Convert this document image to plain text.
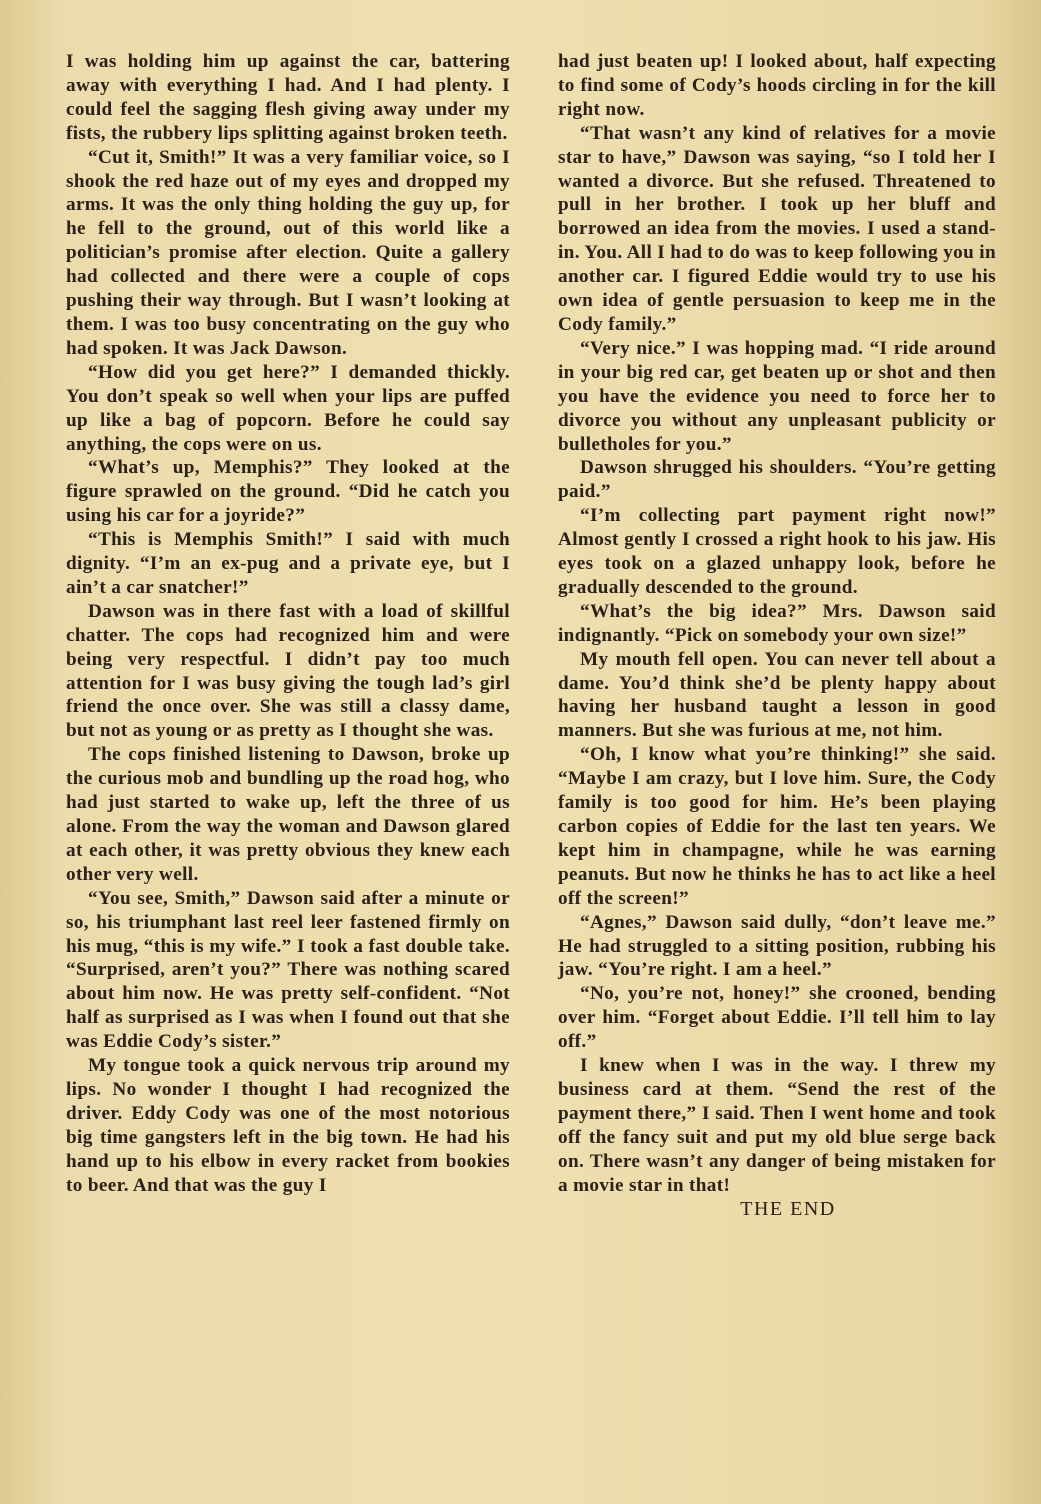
I was holding him up against the car, battering away with everything I had. And I had plenty. I could feel the sagging flesh giving away under my fists, the rubbery lips splitting against broken teeth.

“Cut it, Smith!” It was a very familiar voice, so I shook the red haze out of my eyes and dropped my arms. It was the only thing holding the guy up, for he fell to the ground, out of this world like a politician’s promise after election. Quite a gallery had collected and there were a couple of cops pushing their way through. But I wasn’t looking at them. I was too busy concentrating on the guy who had spoken. It was Jack Dawson.

“How did you get here?” I demanded thickly. You don’t speak so well when your lips are puffed up like a bag of popcorn. Before he could say anything, the cops were on us.

“What’s up, Memphis?” They looked at the figure sprawled on the ground. “Did he catch you using his car for a joyride?”

“This is Memphis Smith!” I said with much dignity. “I’m an ex-pug and a private eye, but I ain’t a car snatcher!”

Dawson was in there fast with a load of skillful chatter. The cops had recognized him and were being very respectful. I didn’t pay too much attention for I was busy giving the tough lad’s girl friend the once over. She was still a classy dame, but not as young or as pretty as I thought she was.

The cops finished listening to Dawson, broke up the curious mob and bundling up the road hog, who had just started to wake up, left the three of us alone. From the way the woman and Dawson glared at each other, it was pretty obvious they knew each other very well.

“You see, Smith,” Dawson said after a minute or so, his triumphant last reel leer fastened firmly on his mug, “this is my wife.” I took a fast double take. “Surprised, aren’t you?” There was nothing scared about him now. He was pretty self-confident. “Not half as surprised as I was when I found out that she was Eddie Cody’s sister.”

My tongue took a quick nervous trip around my lips. No wonder I thought I had recognized the driver. Eddy Cody was one of the most notorious big time gangsters left in the big town. He had his hand up to his elbow in every racket from bookies to beer. And that was the guy I

had just beaten up! I looked about, half expecting to find some of Cody’s hoods circling in for the kill right now.

“That wasn’t any kind of relatives for a movie star to have,” Dawson was saying, “so I told her I wanted a divorce. But she refused. Threatened to pull in her brother. I took up her bluff and borrowed an idea from the movies. I used a stand-in. You. All I had to do was to keep following you in another car. I figured Eddie would try to use his own idea of gentle persuasion to keep me in the Cody family.”

“Very nice.” I was hopping mad. “I ride around in your big red car, get beaten up or shot and then you have the evidence you need to force her to divorce you without any unpleasant publicity or bulletholes for you.”

Dawson shrugged his shoulders. “You’re getting paid.”

“I’m collecting part payment right now!” Almost gently I crossed a right hook to his jaw. His eyes took on a glazed unhappy look, before he gradually descended to the ground.

“What’s the big idea?” Mrs. Dawson said indignantly. “Pick on somebody your own size!”

My mouth fell open. You can never tell about a dame. You’d think she’d be plenty happy about having her husband taught a lesson in good manners. But she was furious at me, not him.

“Oh, I know what you’re thinking!” she said. “Maybe I am crazy, but I love him. Sure, the Cody family is too good for him. He’s been playing carbon copies of Eddie for the last ten years. We kept him in champagne, while he was earning peanuts. But now he thinks he has to act like a heel off the screen!”

“Agnes,” Dawson said dully, “don’t leave me.” He had struggled to a sitting position, rubbing his jaw. “You’re right. I am a heel.”

“No, you’re not, honey!” she crooned, bending over him. “Forget about Eddie. I’ll tell him to lay off.”

I knew when I was in the way. I threw my business card at them. “Send the rest of the payment there,” I said. Then I went home and took off the fancy suit and put my old blue serge back on. There wasn’t any danger of being mistaken for a movie star in that!

THE END
